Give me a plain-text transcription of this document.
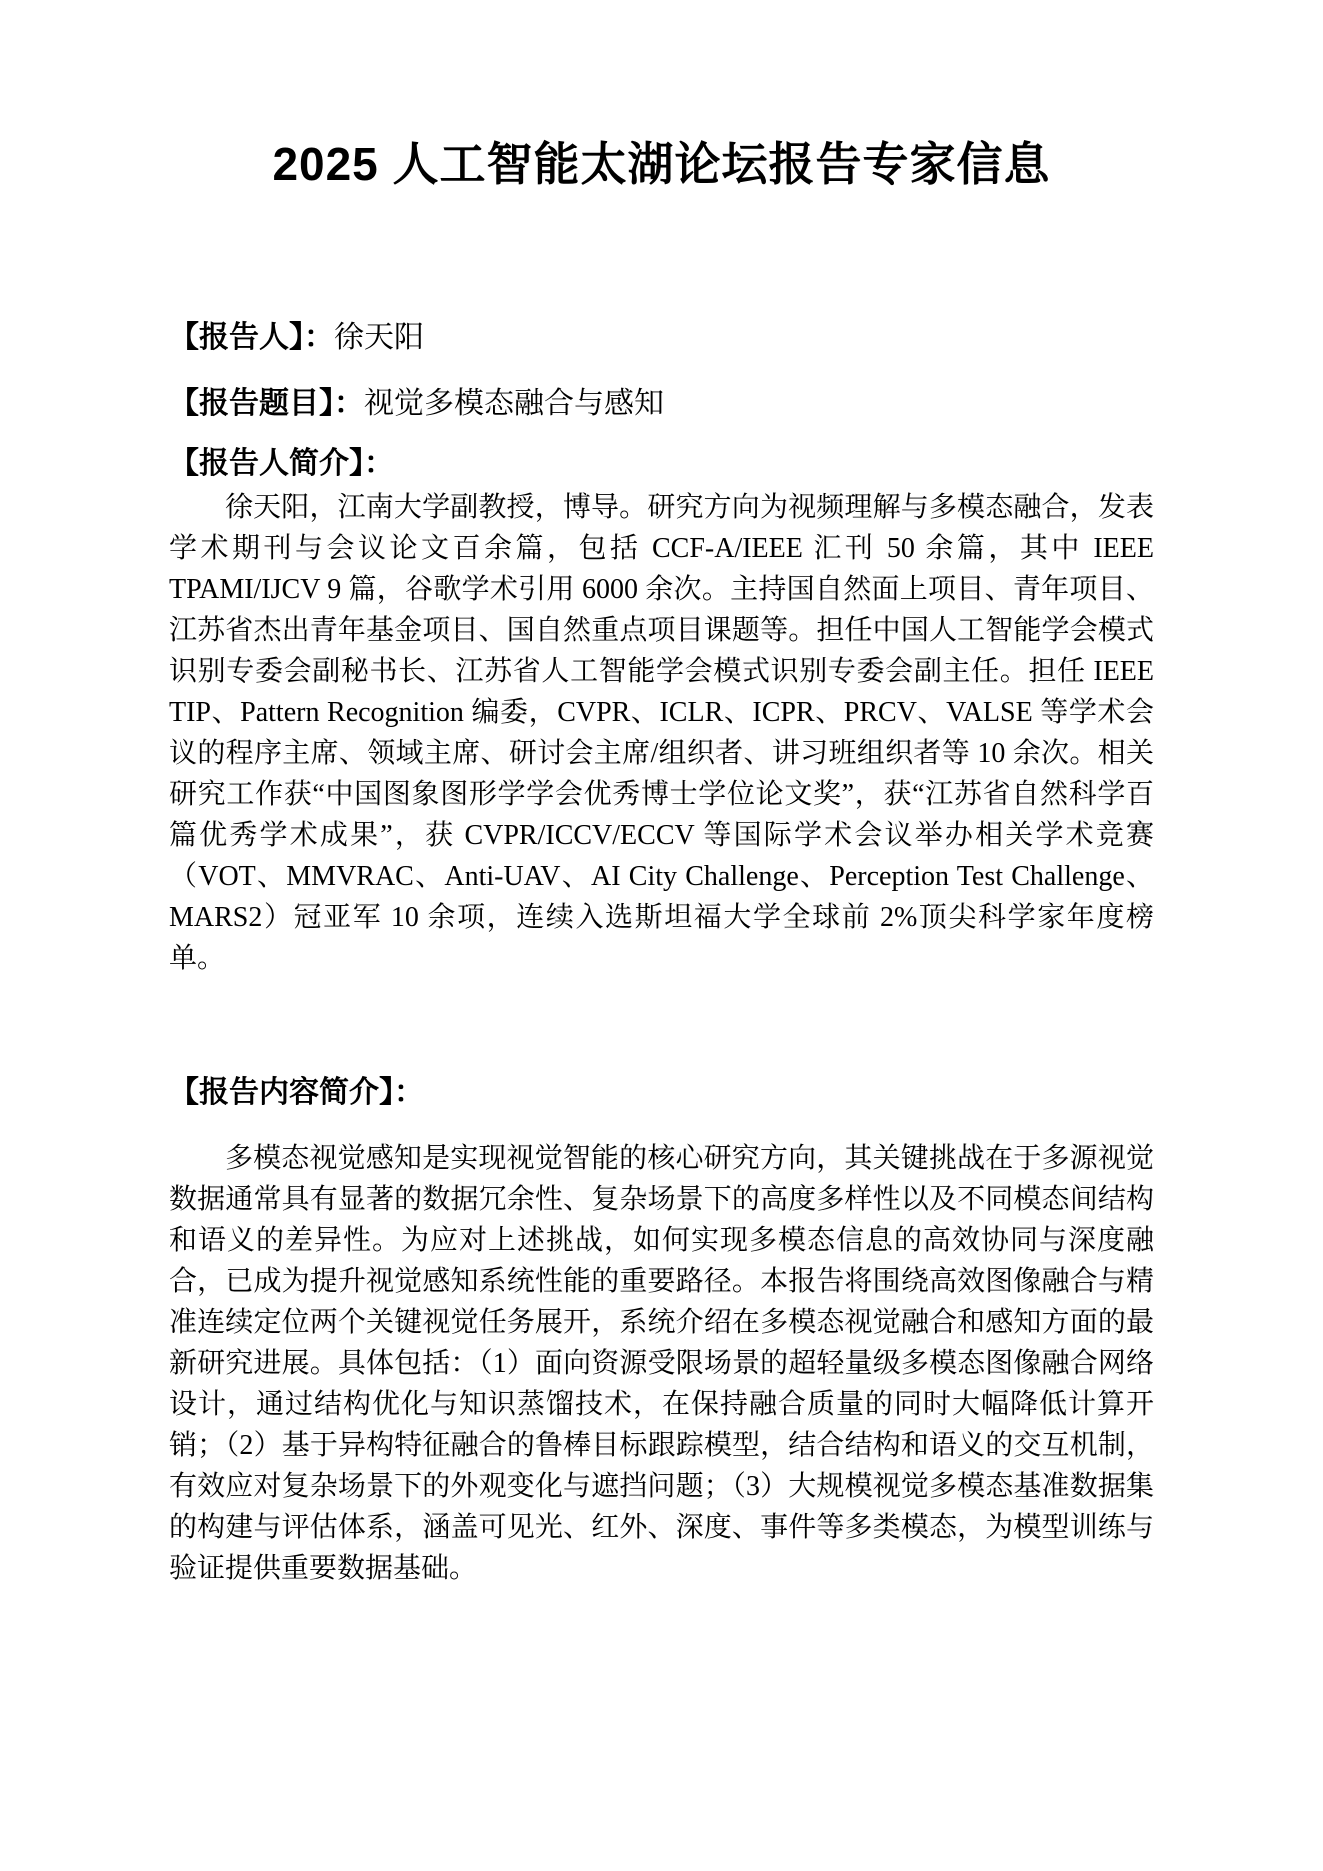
2025 人工智能太湖论坛报告专家信息
【报告人】：徐天阳
【报告题目】：视觉多模态融合与感知
【报告人简介】：

徐天阳，江南大学副教授，博导。研究方向为视频理解与多模态融合，发表学术期刊与会议论文百余篇，包括 CCF-A/IEEE 汇刊 50 余篇，其中 IEEE TPAMI/IJCV 9 篇，谷歌学术引用 6000 余次。主持国自然面上项目、青年项目、江苏省杰出青年基金项目、国自然重点项目课题等。担任中国人工智能学会模式识别专委会副秘书长、江苏省人工智能学会模式识别专委会副主任。担任 IEEE TIP、Pattern Recognition 编委，CVPR、ICLR、ICPR、PRCV、VALSE 等学术会议的程序主席、领域主席、研讨会主席/组织者、讲习班组织者等 10 余次。相关研究工作获“中国图象图形学学会优秀博士学位论文奖”，获“江苏省自然科学百篇优秀学术成果”，获 CVPR/ICCV/ECCV 等国际学术会议举办相关学术竞赛（VOT、MMVRAC、Anti-UAV、AI City Challenge、Perception Test Challenge、MARS2）冠亚军 10 余项，连续入选斯坦福大学全球前 2%顶尖科学家年度榜单。

【报告内容简介】：

多模态视觉感知是实现视觉智能的核心研究方向，其关键挑战在于多源视觉数据通常具有显著的数据冗余性、复杂场景下的高度多样性以及不同模态间结构和语义的差异性。为应对上述挑战，如何实现多模态信息的高效协同与深度融合，已成为提升视觉感知系统性能的重要路径。本报告将围绕高效图像融合与精准连续定位两个关键视觉任务展开，系统介绍在多模态视觉融合和感知方面的最新研究进展。具体包括：（1）面向资源受限场景的超轻量级多模态图像融合网络设计，通过结构优化与知识蒸馏技术，在保持融合质量的同时大幅降低计算开销；（2）基于异构特征融合的鲁棒目标跟踪模型，结合结构和语义的交互机制，有效应对复杂场景下的外观变化与遮挡问题；（3）大规模视觉多模态基准数据集的构建与评估体系，涵盖可见光、红外、深度、事件等多类模态，为模型训练与验证提供重要数据基础。
